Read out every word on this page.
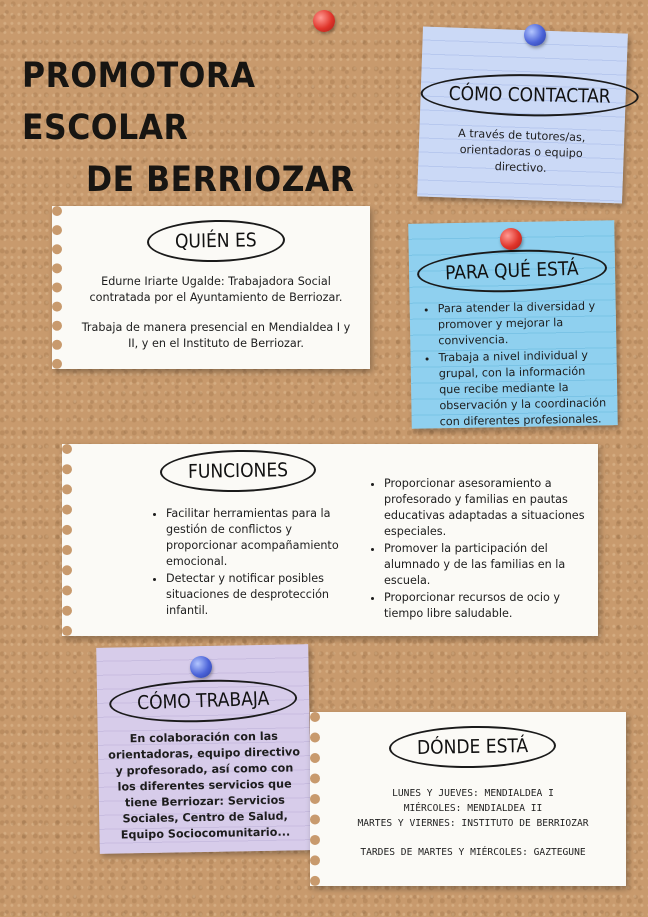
PROMOTORA ESCOLAR
DE BERRIOZAR
CÓMO CONTACTAR
A través de tutores/as, orientadoras o equipo directivo.
QUIÉN ES
Edurne Iriarte Ugalde: Trabajadora Social contratada por el Ayuntamiento de Berriozar.
Trabaja de manera presencial en Mendialdea I y II, y en el Instituto de Berriozar.
PARA QUÉ ESTÁ
• Para atender la diversidad y promover y mejorar la convivencia.
• Trabaja a nivel individual y grupal, con la información que recibe mediante la observación y la coordinación con diferentes profesionales.
FUNCIONES
• Facilitar herramientas para la gestión de conflictos y proporcionar acompañamiento emocional.
• Detectar y notificar posibles situaciones de desprotección infantil.
• Proporcionar asesoramiento a profesorado y familias en pautas educativas adaptadas a situaciones especiales.
• Promover la participación del alumnado y de las familias en la escuela.
• Proporcionar recursos de ocio y tiempo libre saludable.
CÓMO TRABAJA
En colaboración con las orientadoras, equipo directivo y profesorado, así como con los diferentes servicios que tiene Berriozar: Servicios Sociales, Centro de Salud, Equipo Sociocomunitario...
DÓNDE ESTÁ
LUNES Y JUEVES: MENDIALDEA I
MIÉRCOLES: MENDIALDEA II
MARTES Y VIERNES: INSTITUTO DE BERRIOZAR
TARDES DE MARTES Y MIÉRCOLES: GAZTEGUNE
